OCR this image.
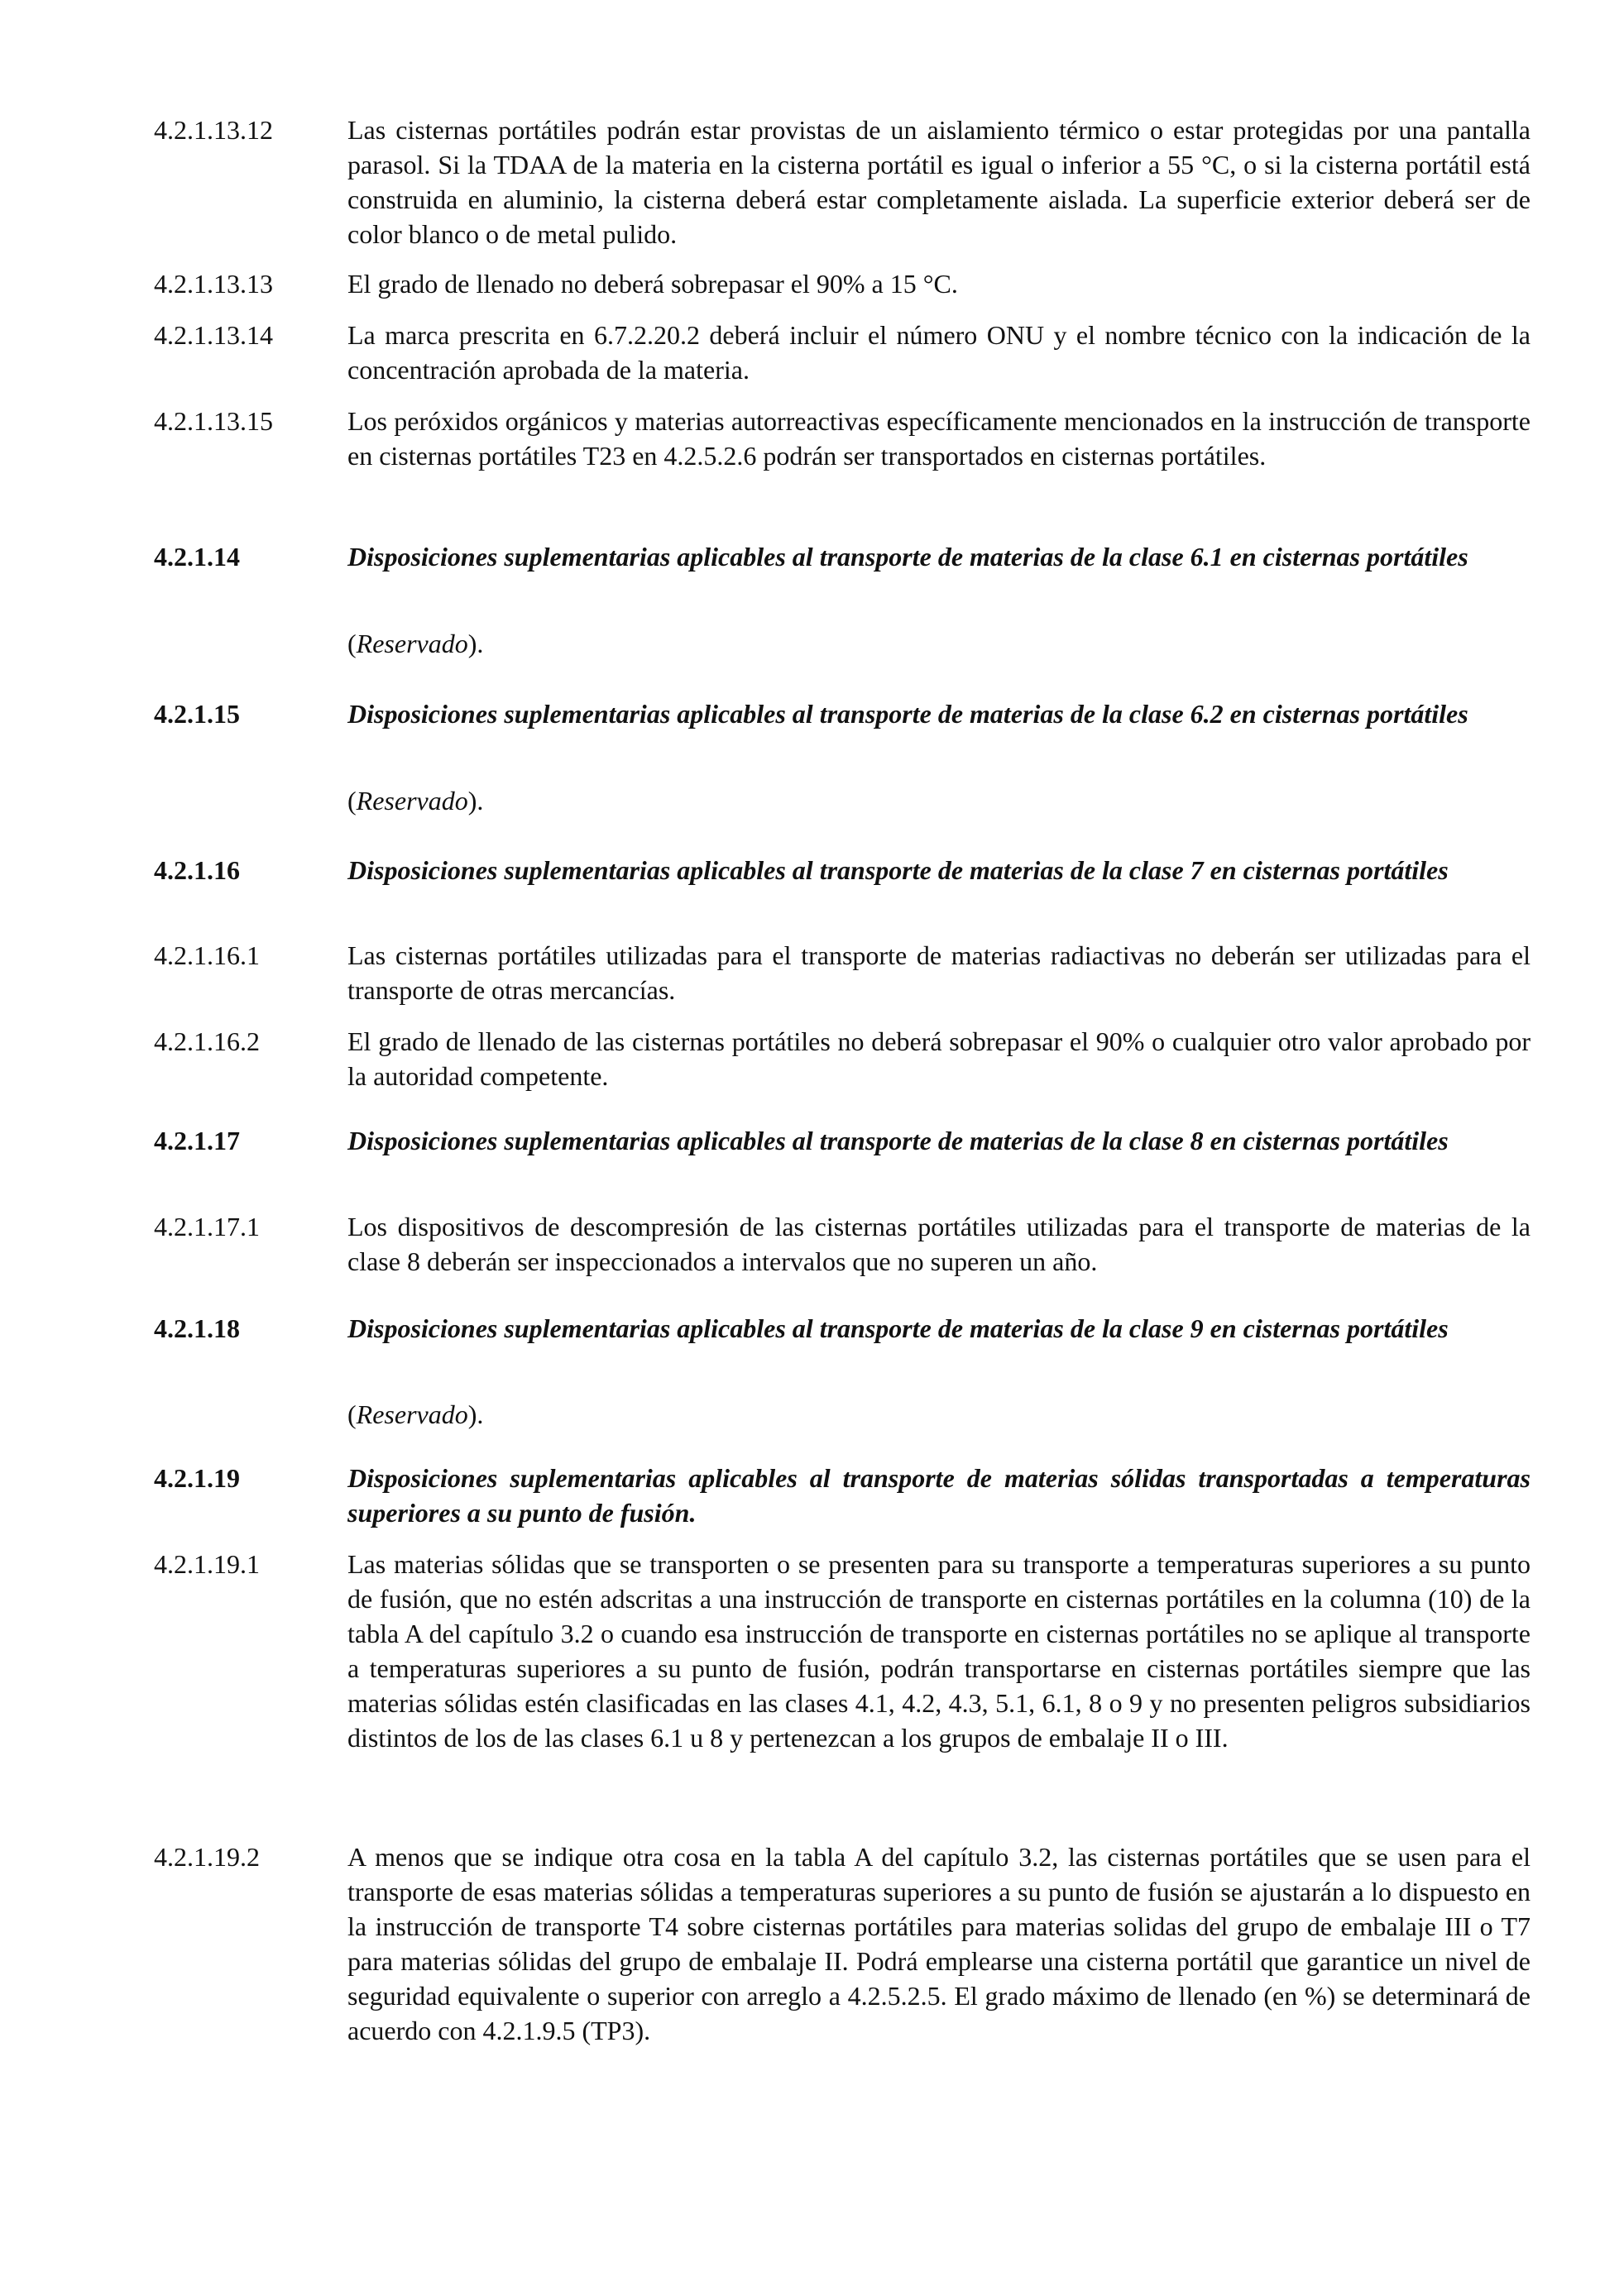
4.2.1.13.12	Las cisternas portátiles podrán estar provistas de un aislamiento térmico o estar protegidas por una pantalla parasol. Si la TDAA de la materia en la cisterna portátil es igual o inferior a 55 °C, o si la cisterna portátil está construida en aluminio, la cisterna deberá estar completamente aislada. La superficie exterior deberá ser de color blanco o de metal pulido.
4.2.1.13.13	El grado de llenado no deberá sobrepasar el 90% a 15 °C.
4.2.1.13.14	La marca prescrita en 6.7.2.20.2 deberá incluir el número ONU y el nombre técnico con la indicación de la concentración aprobada de la materia.
4.2.1.13.15	Los peróxidos orgánicos y materias autorreactivas específicamente mencionados en la instrucción de transporte en cisternas portátiles T23 en 4.2.5.2.6 podrán ser transportados en cisternas portátiles.
4.2.1.14	Disposiciones suplementarias aplicables al transporte de materias de la clase 6.1 en cisternas portátiles
(Reservado).
4.2.1.15	Disposiciones suplementarias aplicables al transporte de materias de la clase 6.2 en cisternas portátiles
(Reservado).
4.2.1.16	Disposiciones suplementarias aplicables al transporte de materias de la clase 7 en cisternas portátiles
4.2.1.16.1	Las cisternas portátiles utilizadas para el transporte de materias radiactivas no deberán ser utilizadas para el transporte de otras mercancías.
4.2.1.16.2	El grado de llenado de las cisternas portátiles no deberá sobrepasar el 90% o cualquier otro valor aprobado por la autoridad competente.
4.2.1.17	Disposiciones suplementarias aplicables al transporte de materias de la clase 8 en cisternas portátiles
4.2.1.17.1	Los dispositivos de descompresión de las cisternas portátiles utilizadas para el transporte de materias de la clase 8 deberán ser inspeccionados a intervalos que no superen un año.
4.2.1.18	Disposiciones suplementarias aplicables al transporte de materias de la clase 9 en cisternas portátiles
(Reservado).
4.2.1.19	Disposiciones suplementarias aplicables al transporte de materias sólidas transportadas a temperaturas superiores a su punto de fusión.
4.2.1.19.1	Las materias sólidas que se transporten o se presenten para su transporte a temperaturas superiores a su punto de fusión, que no estén adscritas a una instrucción de transporte en cisternas portátiles en la columna (10) de la tabla A del capítulo 3.2 o cuando esa instrucción de transporte en cisternas portátiles no se aplique al transporte a temperaturas superiores a su punto de fusión, podrán transportarse en cisternas portátiles siempre que las materias sólidas estén clasificadas en las clases 4.1, 4.2, 4.3, 5.1, 6.1, 8 o 9 y no presenten peligros subsidiarios distintos de los de las clases 6.1 u 8 y pertenezcan a los grupos de embalaje II o III.
4.2.1.19.2	A menos que se indique otra cosa en la tabla A del capítulo 3.2, las cisternas portátiles que se usen para el transporte de esas materias sólidas a temperaturas superiores a su punto de fusión se ajustarán a lo dispuesto en la instrucción de transporte T4 sobre cisternas portátiles para materias solidas del grupo de embalaje III o T7 para materias sólidas del grupo de embalaje II. Podrá emplearse una cisterna portátil que garantice un nivel de seguridad equivalente o superior con arreglo a 4.2.5.2.5. El grado máximo de llenado (en %) se determinará de acuerdo con 4.2.1.9.5 (TP3).
